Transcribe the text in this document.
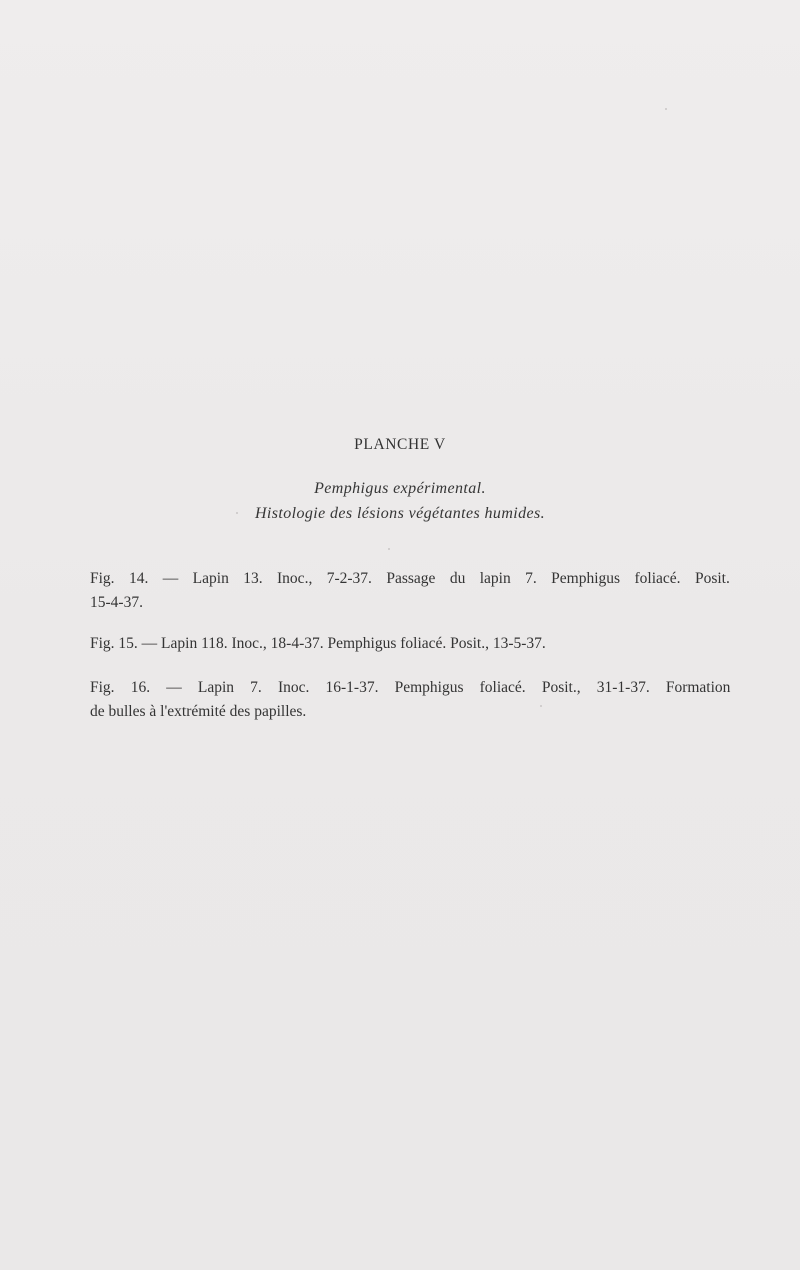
PLANCHE V
Pemphigus expérimental.
Histologie des lésions végétantes humides.
Fig. 14. — Lapin 13. Inoc., 7-2-37. Passage du lapin 7. Pemphigus foliacé. Posit.
15-4-37.
Fig. 15. — Lapin 118. Inoc., 18-4-37. Pemphigus foliacé. Posit., 13-5-37.
Fig. 16. — Lapin 7. Inoc. 16-1-37. Pemphigus foliacé. Posit., 31-1-37. Formation
de bulles à l'extrémité des papilles.
